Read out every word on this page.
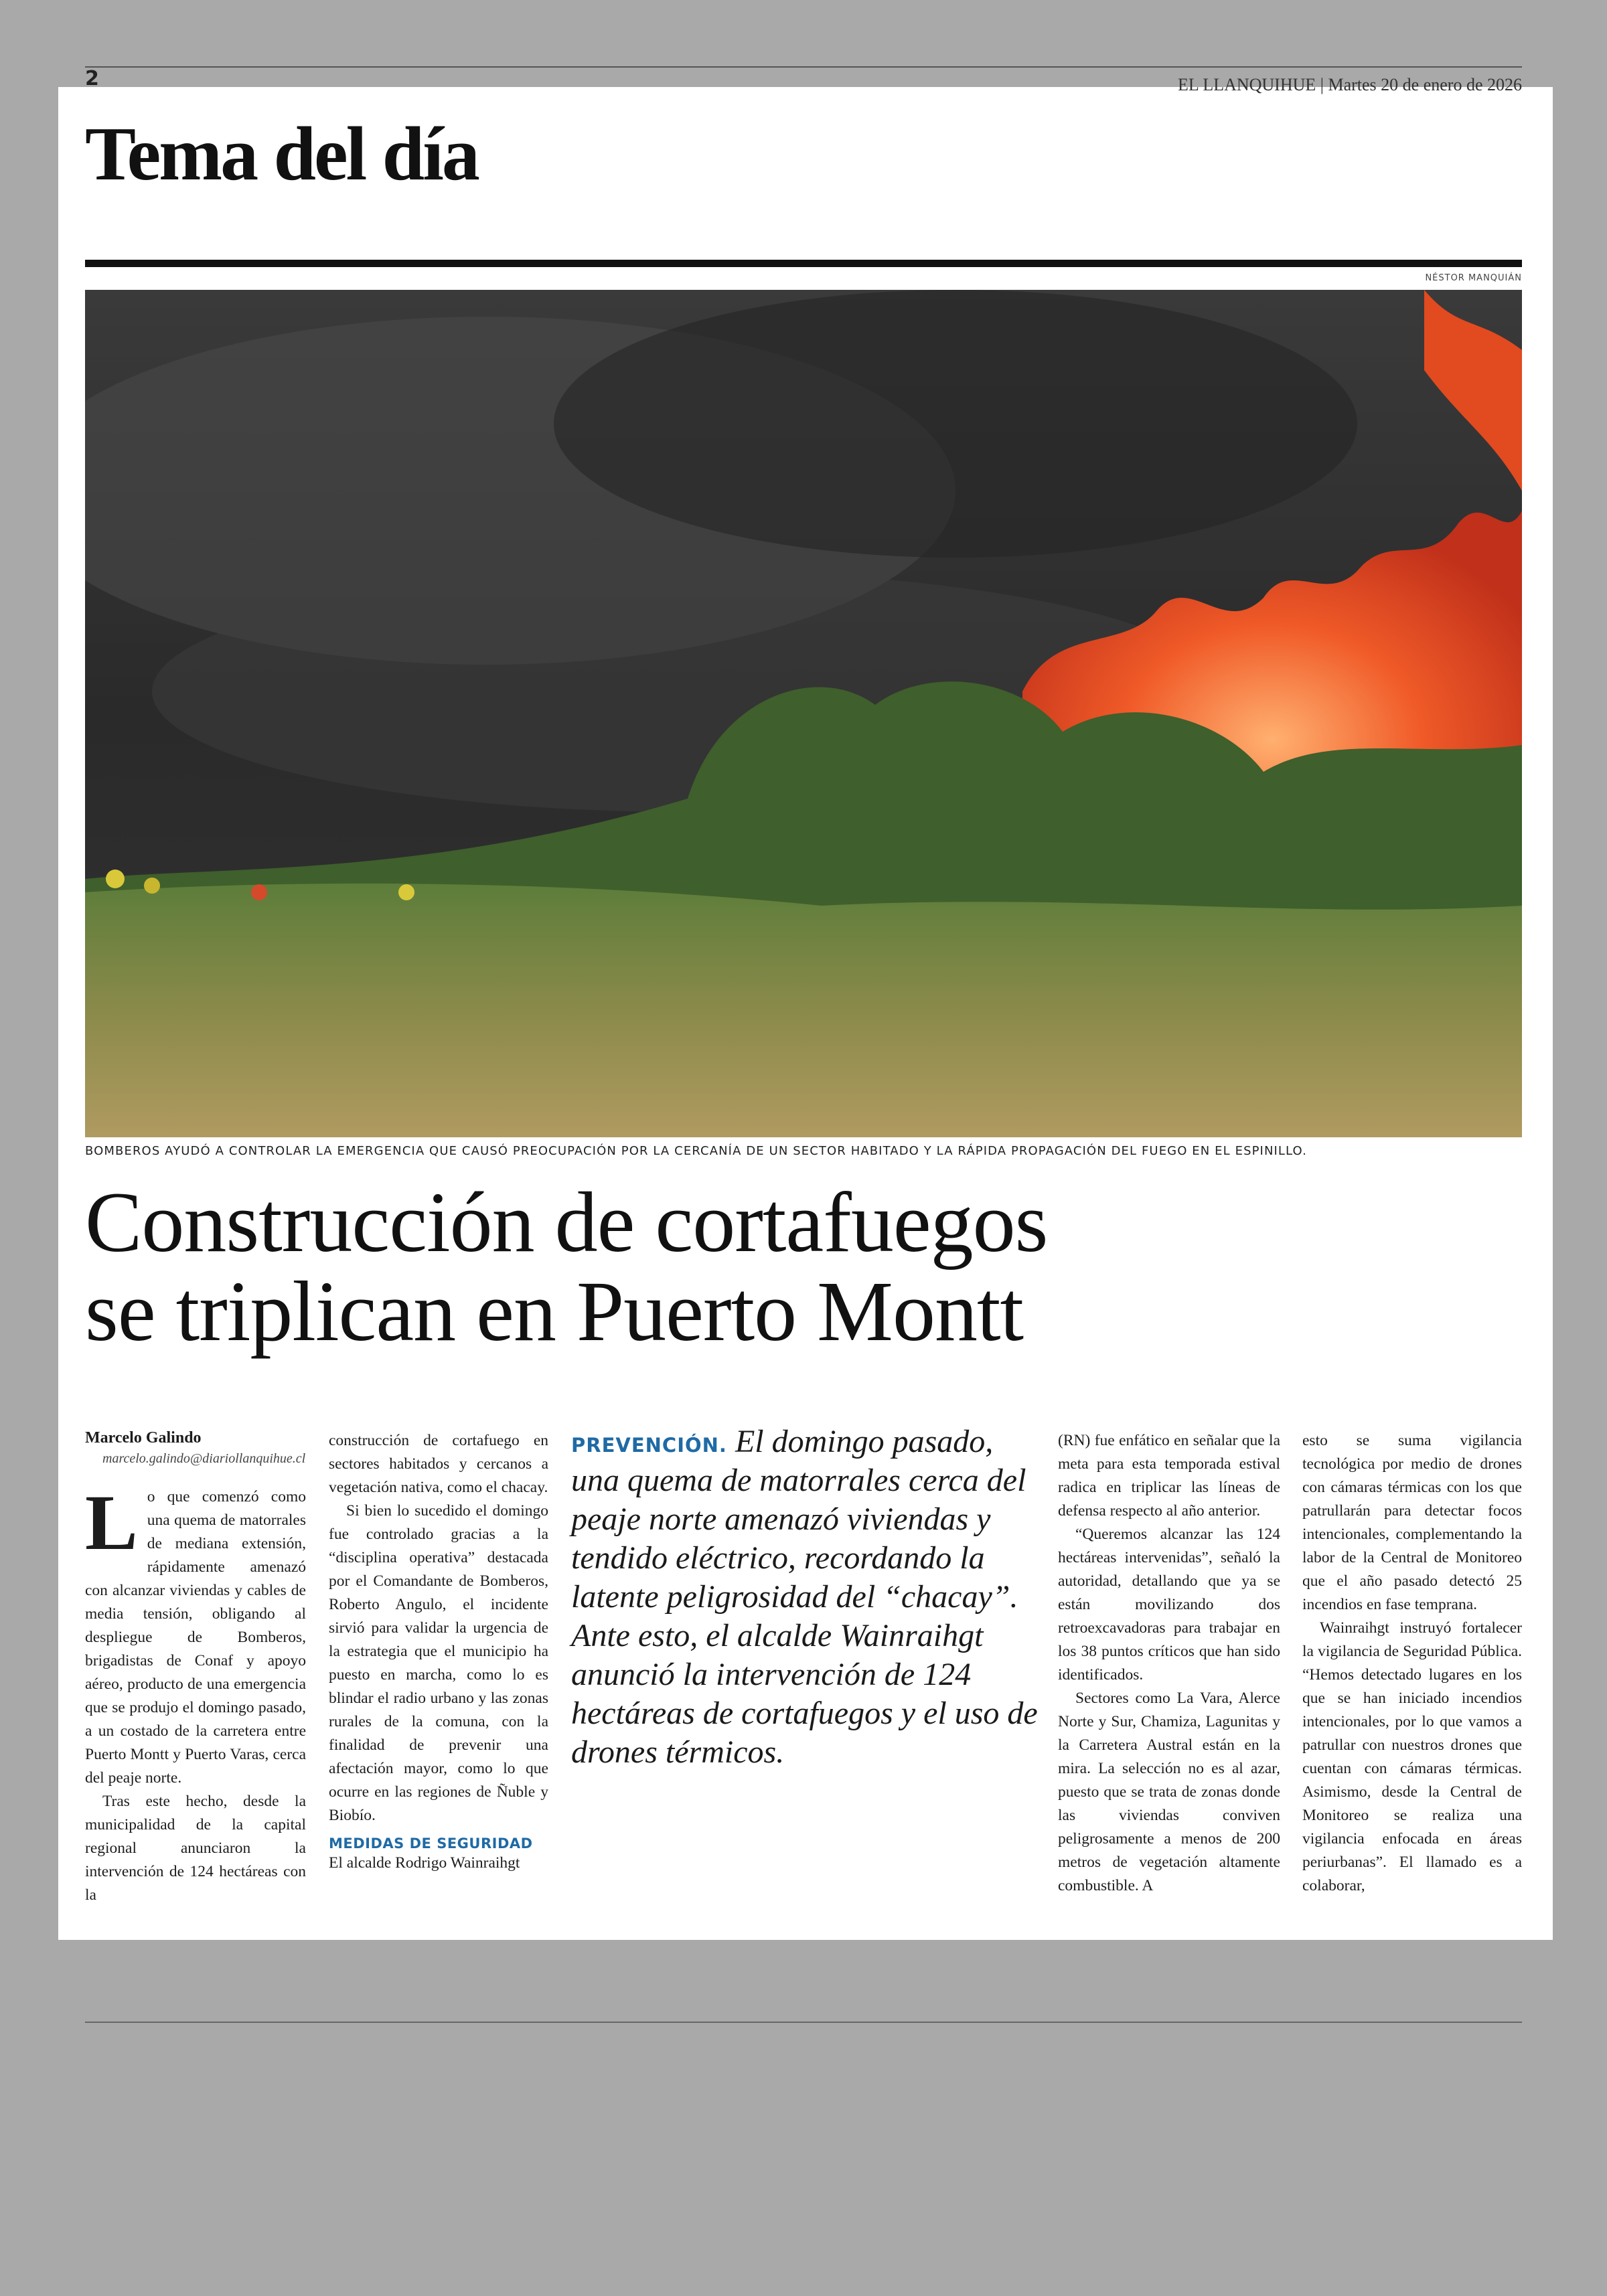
2	EL LLANQUIHUE | Martes 20 de enero de 2026
Tema del día
NÉSTOR MANQUIÁN
BOMBEROS AYUDÓ A CONTROLAR LA EMERGENCIA QUE CAUSÓ PREOCUPACIÓN POR LA CERCANÍA DE UN SECTOR HABITADO Y LA RÁPIDA PROPAGACIÓN DEL FUEGO EN EL ESPINILLO.
Construcción de cortafuegos
se triplican en Puerto Montt

Marcelo Galindo

marcelo.galindo@diariollanquihue.cl

Lo que comenzó como una quema de matorrales de mediana extensión, rápidamente amenazó con alcanzar viviendas y cables de media tensión, obligando al despliegue de Bomberos, brigadistas de Conaf y apoyo aéreo, producto de una emergencia que se produjo el domingo pasado, a un costado de la carretera entre Puerto Montt y Puerto Varas, cerca del peaje norte.

Tras este hecho, desde la municipalidad de la capital regional anunciaron la intervención de 124 hectáreas con la

construcción de cortafuego en sectores habitados y cercanos a vegetación nativa, como el chacay.

Si bien lo sucedido el domingo fue controlado gracias a la “disciplina operativa” destacada por el Comandante de Bomberos, Roberto Angulo, el incidente sirvió para validar la urgencia de la estrategia que el municipio ha puesto en marcha, como lo es blindar el radio urbano y las zonas rurales de la comuna, con la finalidad de prevenir una afectación mayor, como lo que ocurre en las regiones de Ñuble y Biobío.

MEDIDAS DE SEGURIDAD

El alcalde Rodrigo Wainraihgt

PREVENCIÓN. El domingo pasado, una quema de matorrales cerca del peaje norte amenazó viviendas y tendido eléctrico, recordando la latente peligrosidad del “chacay”. Ante esto, el alcalde Wainraihgt anunció la intervención de 124 hectáreas de cortafuegos y el uso de drones térmicos.

(RN) fue enfático en señalar que la meta para esta temporada estival radica en triplicar las líneas de defensa respecto al año anterior.

“Queremos alcanzar las 124 hectáreas intervenidas”, señaló la autoridad, detallando que ya se están movilizando dos retroexcavadoras para trabajar en los 38 puntos críticos que han sido identificados.

Sectores como La Vara, Alerce Norte y Sur, Chamiza, Lagunitas y la Carretera Austral están en la mira. La selección no es al azar, puesto que se trata de zonas donde las viviendas conviven peligrosamente a menos de 200 metros de vegetación altamente combustible. A

esto se suma vigilancia tecnológica por medio de drones con cámaras térmicas con los que patrullarán para detectar focos intencionales, complementando la labor de la Central de Monitoreo que el año pasado detectó 25 incendios en fase temprana.

Wainraihgt instruyó fortalecer la vigilancia de Seguridad Pública. “Hemos detectado lugares en los que se han iniciado incendios intencionales, por lo que vamos a patrullar con nuestros drones que cuentan con cámaras térmicas. Asimismo, desde la Central de Monitoreo se realiza una vigilancia enfocada en áreas periurbanas”. El llamado es a colaborar,
